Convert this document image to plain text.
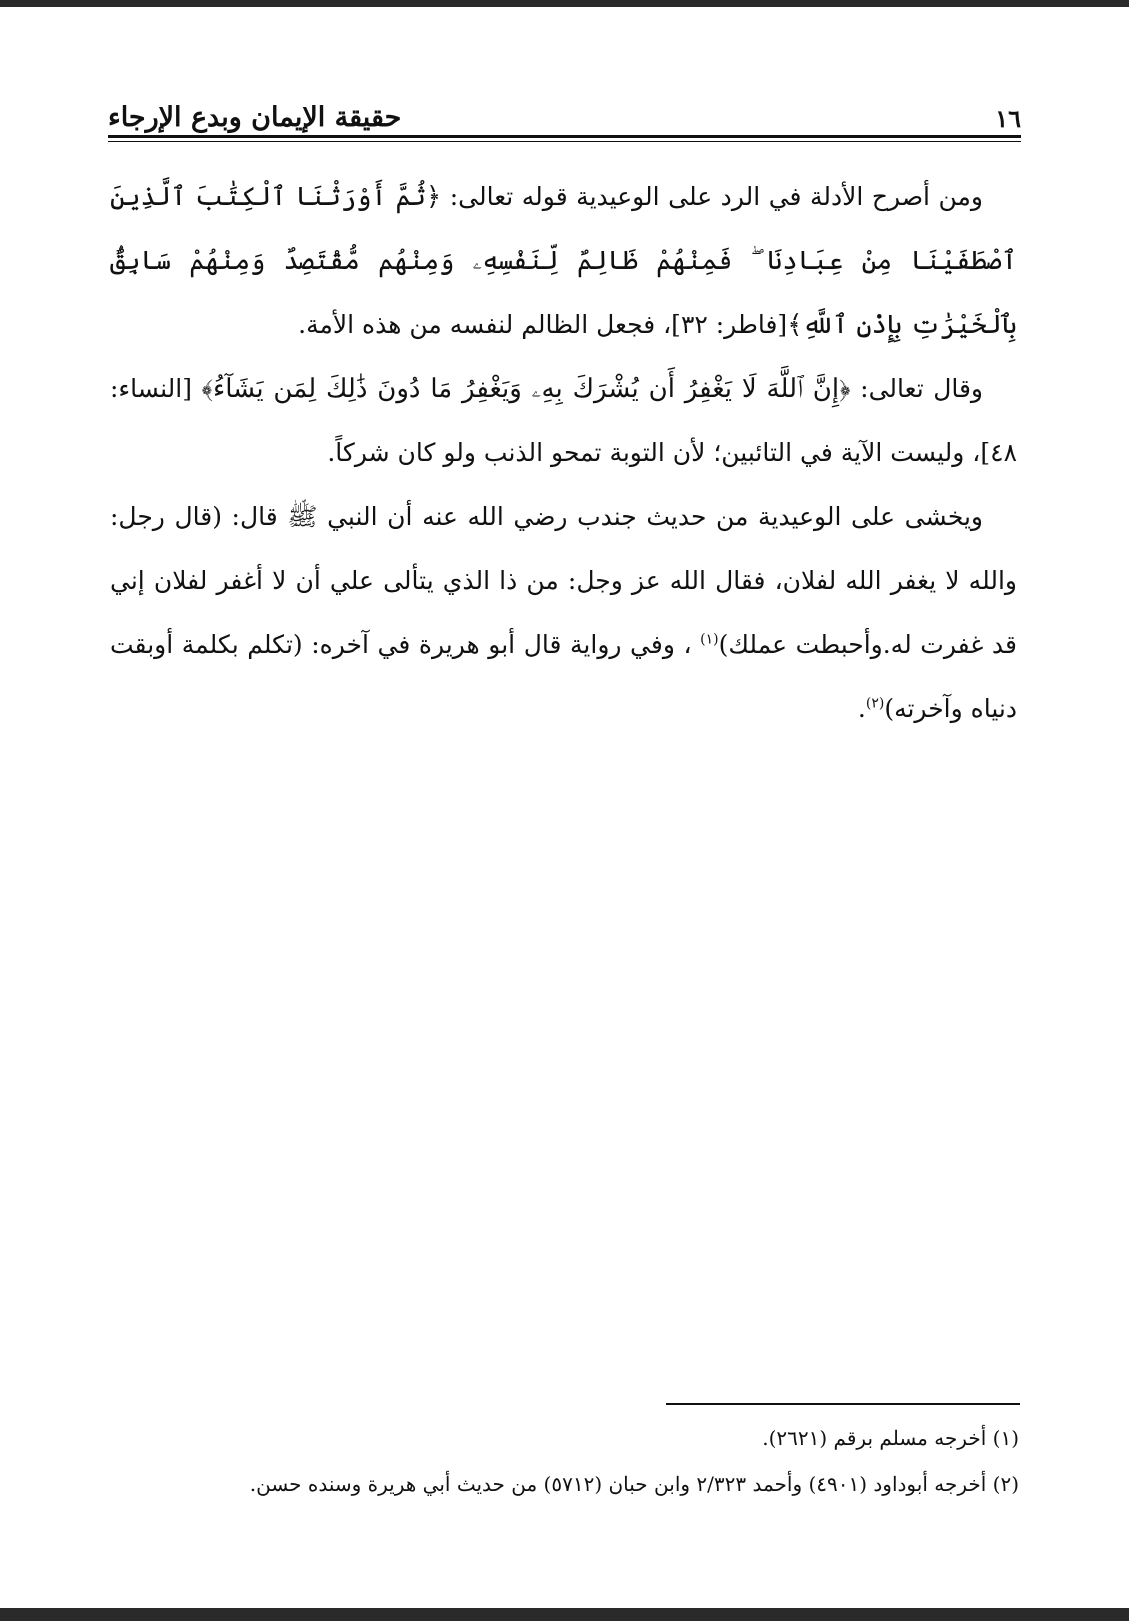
١٦
حقيقة الإيمان وبدع الإرجاء

ومن أصرح الأدلة في الرد على الوعيدية قوله تعالى: ﴿ثُمَّ أَوْرَثْنَا ٱلْكِتَٰبَ ٱلَّذِينَ ٱصْطَفَيْنَا مِنْ عِبَادِنَا ۖ فَمِنْهُمْ ظَالِمٌ لِّنَفْسِهِۦ وَمِنْهُم مُّقْتَصِدٌ وَمِنْهُمْ سَابِقٌۢ بِٱلْخَيْرَٰتِ بِإِذْنِ ٱللَّهِ﴾[فاطر: ٣٢]، فجعل الظالم لنفسه من هذه الأمة.

وقال تعالى: ﴿إِنَّ ٱللَّهَ لَا يَغْفِرُ أَن يُشْرَكَ بِهِۦ وَيَغْفِرُ مَا دُونَ ذَٰلِكَ لِمَن يَشَآءُ﴾ [النساء: ٤٨]، وليست الآية في التائبين؛ لأن التوبة تمحو الذنب ولو كان شركاً.

ويخشى على الوعيدية من حديث جندب رضي الله عنه أن النبي ﷺ قال: (قال رجل: والله لا يغفر الله لفلان، فقال الله عز وجل: من ذا الذي يتألى علي أن لا أغفر لفلان إني قد غفرت له.وأحبطت عملك)$^{(١)}$ ، وفي رواية قال أبو هريرة في آخره: (تكلم بكلمة أوبقت دنياه وآخرته)$^{(٢)}$.

(١) أخرجه مسلم برقم (٢٦٢١).

(٢) أخرجه أبوداود (٤٩٠١) وأحمد ٢/٣٢٣ وابن حبان (٥٧١٢) من حديث أبي هريرة وسنده حسن.
